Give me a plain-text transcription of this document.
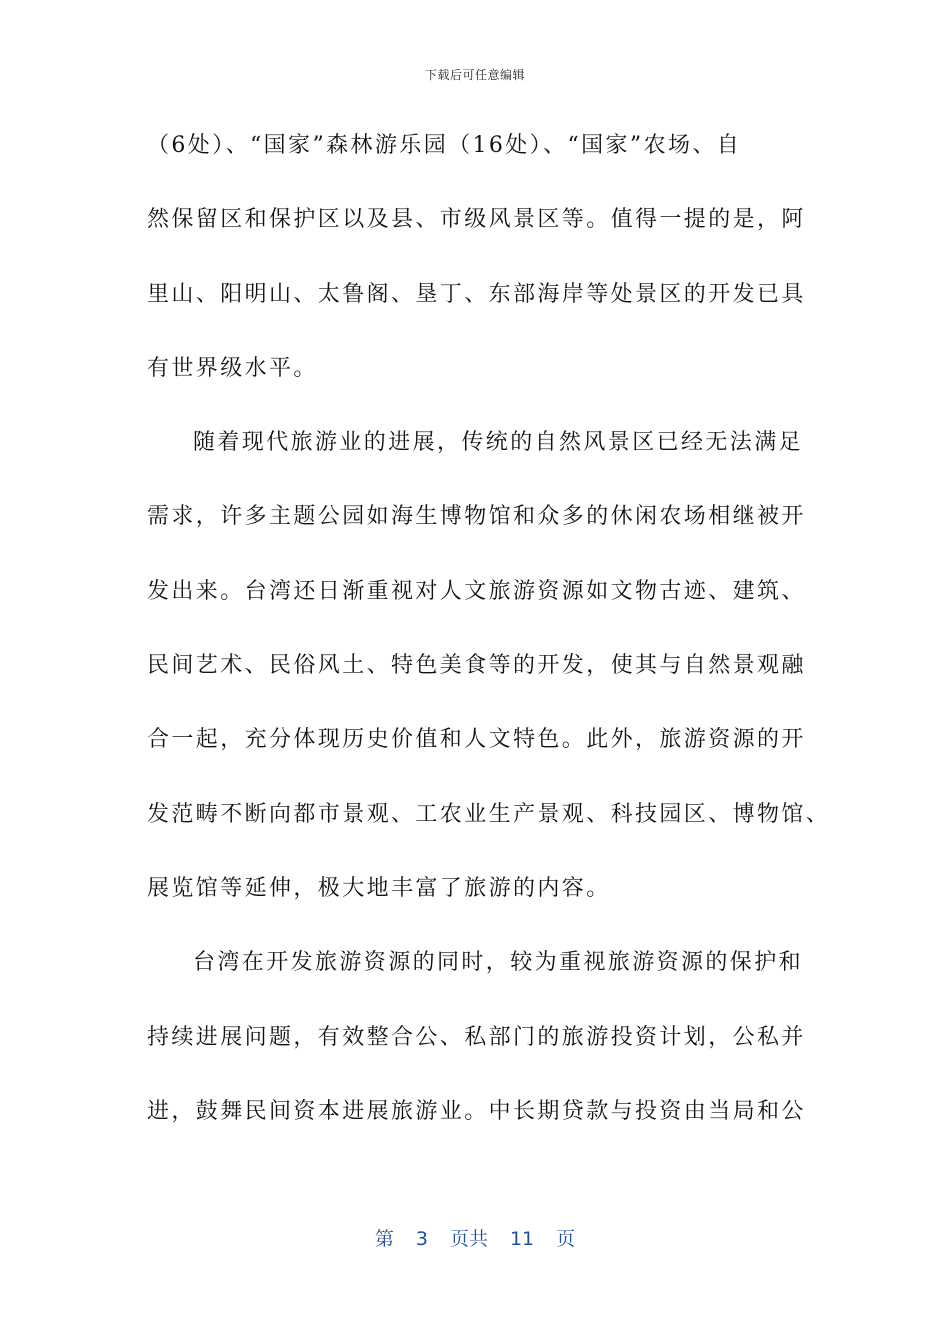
下载后可任意编辑
（6处）、“国家”森林游乐园（16处）、“国家”农场、自
然保留区和保护区以及县、市级风景区等。值得一提的是，阿
里山、阳明山、太鲁阁、垦丁、东部海岸等处景区的开发已具
有世界级水平。
随着现代旅游业的进展，传统的自然风景区已经无法满足
需求，许多主题公园如海生博物馆和众多的休闲农场相继被开
发出来。台湾还日渐重视对人文旅游资源如文物古迹、建筑、
民间艺术、民俗风土、特色美食等的开发，使其与自然景观融
合一起，充分体现历史价值和人文特色。此外，旅游资源的开
发范畴不断向都市景观、工农业生产景观、科技园区、博物馆、
展览馆等延伸，极大地丰富了旅游的内容。
台湾在开发旅游资源的同时，较为重视旅游资源的保护和
持续进展问题，有效整合公、私部门的旅游投资计划，公私并
进，鼓舞民间资本进展旅游业。中长期贷款与投资由当局和公
第 3 页共 11 页
